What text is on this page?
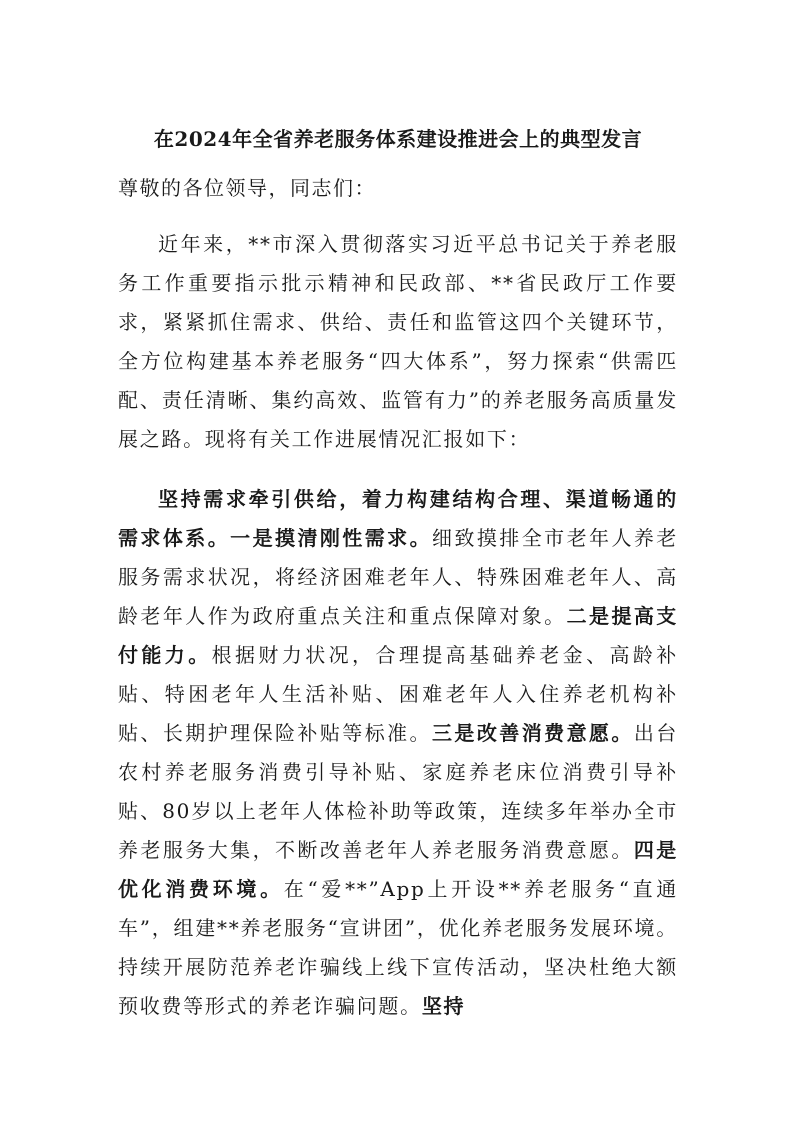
在2024年全省养老服务体系建设推进会上的典型发言
尊敬的各位领导，同志们：

近年来，**市深入贯彻落实习近平总书记关于养老服务工作重要指示批示精神和民政部、**省民政厅工作要求，紧紧抓住需求、供给、责任和监管这四个关键环节，全方位构建基本养老服务“四大体系”，努力探索“供需匹配、责任清晰、集约高效、监管有力”的养老服务高质量发展之路。现将有关工作进展情况汇报如下：

坚持需求牵引供给，着力构建结构合理、渠道畅通的需求体系。一是摸清刚性需求。细致摸排全市老年人养老服务需求状况，将经济困难老年人、特殊困难老年人、高龄老年人作为政府重点关注和重点保障对象。二是提高支付能力。根据财力状况，合理提高基础养老金、高龄补贴、特困老年人生活补贴、困难老年人入住养老机构补贴、长期护理保险补贴等标准。三是改善消费意愿。出台农村养老服务消费引导补贴、家庭养老床位消费引导补贴、80岁以上老年人体检补助等政策，连续多年举办全市养老服务大集，不断改善老年人养老服务消费意愿。四是优化消费环境。在“爱**”App上开设**养老服务“直通车”，组建**养老服务“宣讲团”，优化养老服务发展环境。持续开展防范养老诈骗线上线下宣传活动，坚决杜绝大额预收费等形式的养老诈骗问题。坚持
